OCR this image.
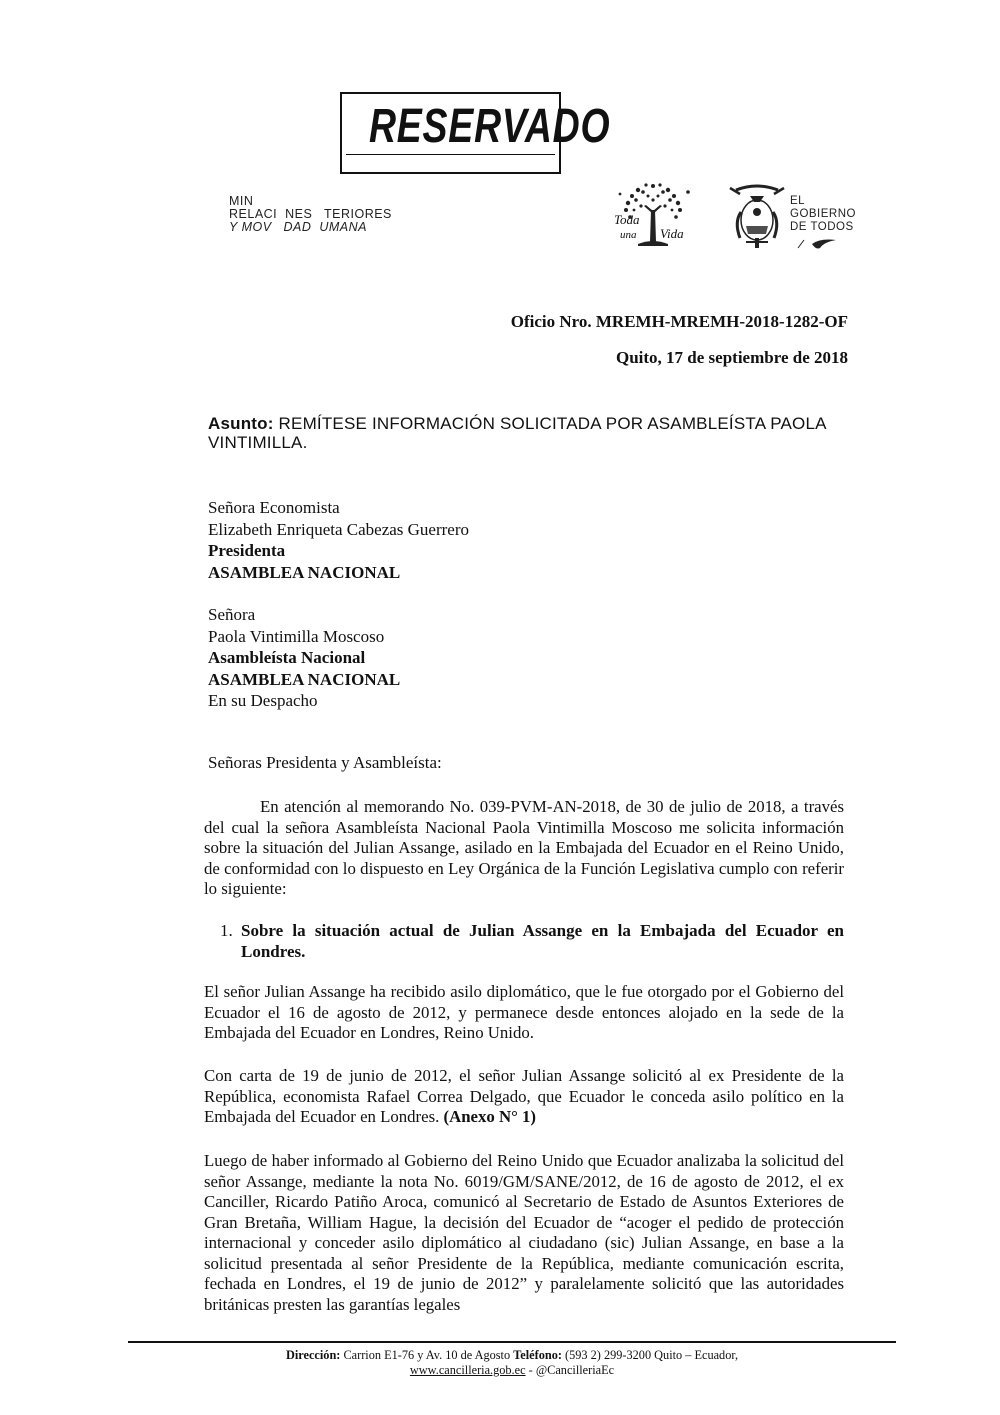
RESERVADO
MIN
RELACI  NES   TERIORES
Y MOV   DAD  UMANA	Toda
una Vida
EL
GOBIERNO
DE TODOS
Oficio Nro. MREMH-MREMH-2018-1282-OF
Quito, 17 de septiembre de 2018
Asunto: REMÍTESE INFORMACIÓN SOLICITADA POR ASAMBLEÍSTA PAOLA VINTIMILLA.
Señora Economista
Elizabeth Enriqueta Cabezas Guerrero
Presidenta
ASAMBLEA NACIONAL
Señora
Paola Vintimilla Moscoso
Asambleísta Nacional
ASAMBLEA NACIONAL
En su Despacho
Señoras Presidenta y Asambleísta:
En atención al memorando No. 039-PVM-AN-2018, de 30 de julio de 2018, a través del cual la señora Asambleísta Nacional Paola Vintimilla Moscoso me solicita información sobre la situación del Julian Assange, asilado en la Embajada del Ecuador en el Reino Unido, de conformidad con lo dispuesto en Ley Orgánica de la Función Legislativa cumplo con referir lo siguiente:
1. Sobre la situación actual de Julian Assange en la Embajada del Ecuador en Londres.
El señor Julian Assange ha recibido asilo diplomático, que le fue otorgado por el Gobierno del Ecuador el 16 de agosto de 2012, y permanece desde entonces alojado en la sede de la Embajada del Ecuador en Londres, Reino Unido.
Con carta de 19 de junio de 2012, el señor Julian Assange solicitó al ex Presidente de la República, economista Rafael Correa Delgado, que Ecuador le conceda asilo político en la Embajada del Ecuador en Londres. (Anexo N° 1)
Luego de haber informado al Gobierno del Reino Unido que Ecuador analizaba la solicitud del señor Assange, mediante la nota No. 6019/GM/SANE/2012, de 16 de agosto de 2012, el ex Canciller, Ricardo Patiño Aroca, comunicó al Secretario de Estado de Asuntos Exteriores de Gran Bretaña, William Hague, la decisión del Ecuador de “acoger el pedido de protección internacional y conceder asilo diplomático al ciudadano (sic) Julian Assange, en base a la solicitud presentada al señor Presidente de la República, mediante comunicación escrita, fechada en Londres, el 19 de junio de 2012” y paralelamente solicitó que las autoridades británicas presten las garantías legales
Dirección: Carrion E1-76 y Av. 10 de Agosto Teléfono: (593 2) 299-3200 Quito – Ecuador,
www.cancilleria.gob.ec - @CancilleriaEc
